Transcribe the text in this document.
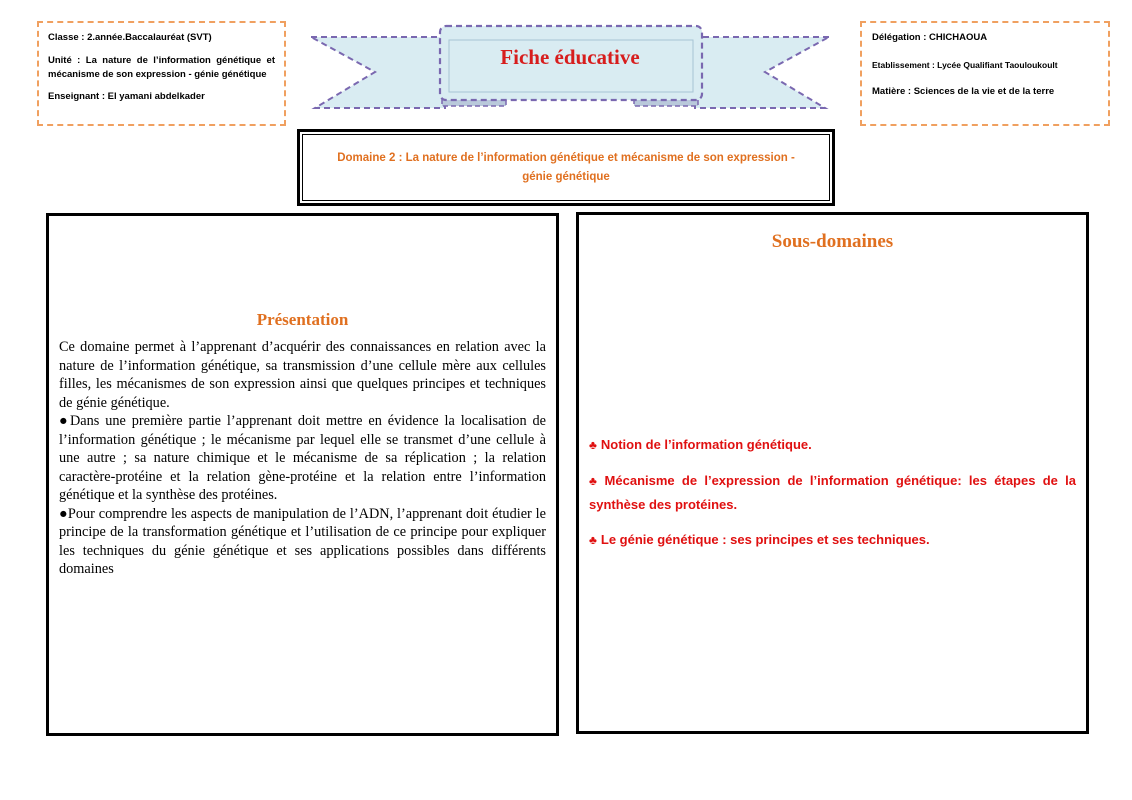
Classe : 2.année.Baccalauréat (SVT)

Unité : La nature de l’information génétique et mécanisme de son expression - génie génétique

Enseignant : El yamani abdelkader

Fiche éducative

Délégation : CHICHAOUA

Etablissement : Lycée Qualifiant Taouloukoult

Matière : Sciences de la vie et de la terre

Domaine 2 : La nature de l’information génétique et mécanisme de son expression - génie génétique
Présentation

Ce domaine permet à l’apprenant d’acquérir des connaissances en relation avec la nature de l’information génétique, sa transmission d’une cellule mère aux cellules filles, les mécanismes de son expression ainsi que quelques principes et techniques de génie génétique.

●Dans une première partie l’apprenant doit mettre en évidence la localisation de l’information génétique ; le mécanisme par lequel elle se transmet d’une cellule à une autre ; sa nature chimique et le mécanisme de sa réplication ; la relation caractère-protéine et la relation gène-protéine et la relation entre l’information génétique et la synthèse des protéines.

●Pour comprendre les aspects de manipulation de l’ADN, l’apprenant doit étudier le principe de la transformation génétique et l’utilisation de ce principe pour expliquer les techniques du génie génétique et ses applications possibles dans différents domaines

Sous-domaines

♣ Notion de l’information génétique.

♣ Mécanisme de l’expression de l’information génétique: les étapes de la synthèse des protéines.

♣ Le génie génétique : ses principes et ses techniques.
